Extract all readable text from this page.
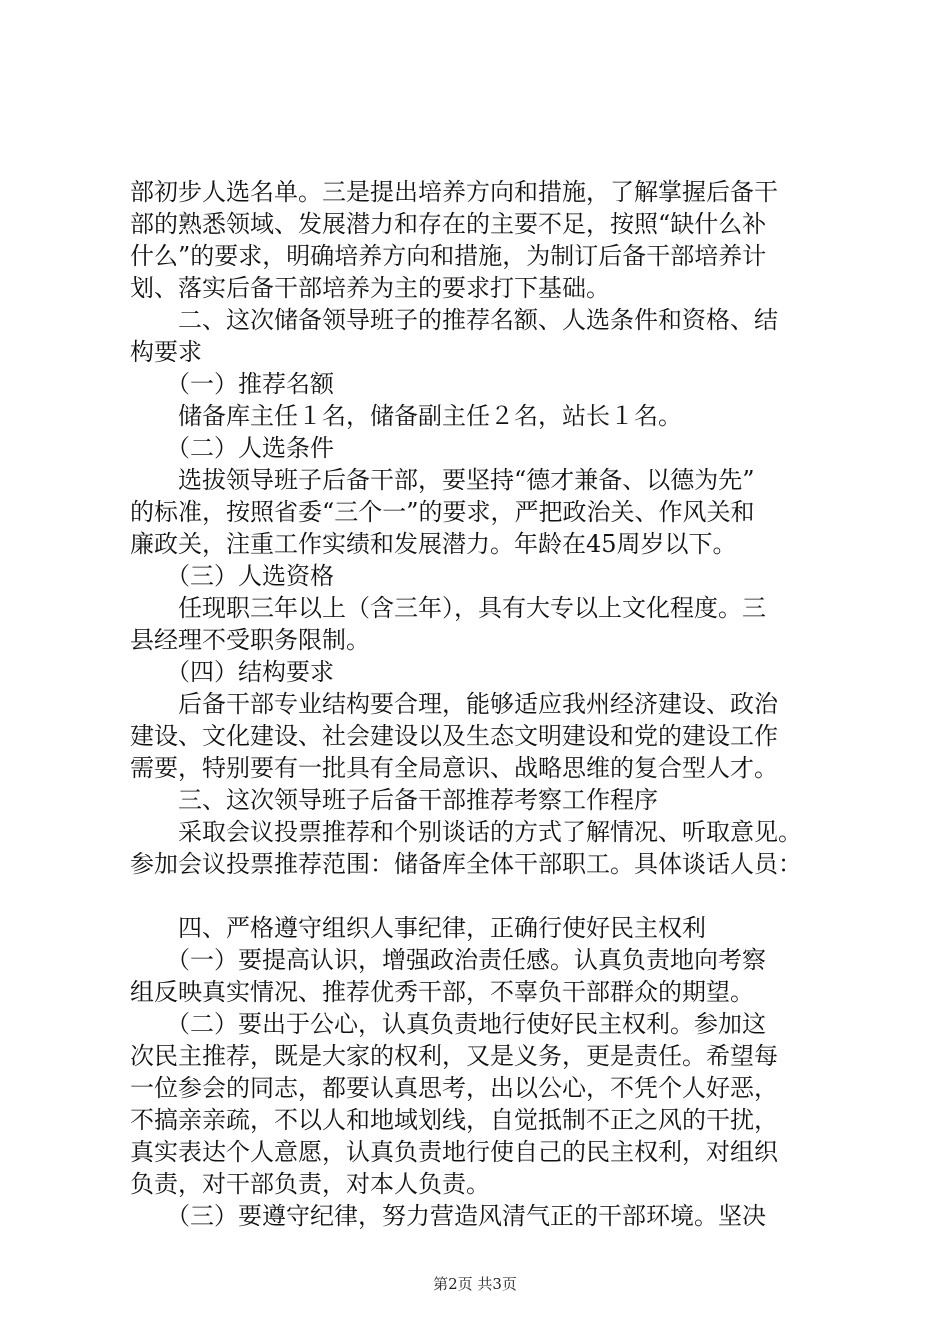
部初步人选名单。三是提出培养方向和措施，了解掌握后备干
部的熟悉领域、发展潜力和存在的主要不足，按照“缺什么补
什么”的要求，明确培养方向和措施，为制订后备干部培养计
划、落实后备干部培养为主的要求打下基础。
　　二、这次储备领导班子的推荐名额、人选条件和资格、结
构要求
　　（一）推荐名额
　　储备库主任１名，储备副主任２名，站长１名。
　　（二）人选条件
　　选拔领导班子后备干部，要坚持“德才兼备、以德为先”
的标准，按照省委“三个一”的要求，严把政治关、作风关和
廉政关，注重工作实绩和发展潜力。年龄在45周岁以下。
　　（三）人选资格
　　任现职三年以上（含三年），具有大专以上文化程度。三
县经理不受职务限制。
　　（四）结构要求
　　后备干部专业结构要合理，能够适应我州经济建设、政治
建设、文化建设、社会建设以及生态文明建设和党的建设工作
需要，特别要有一批具有全局意识、战略思维的复合型人才。
　　三、这次领导班子后备干部推荐考察工作程序
　　采取会议投票推荐和个别谈话的方式了解情况、听取意见。
参加会议投票推荐范围：储备库全体干部职工。具体谈话人员：
　　四、严格遵守组织人事纪律，正确行使好民主权利
　　（一）要提高认识，增强政治责任感。认真负责地向考察
组反映真实情况、推荐优秀干部，不辜负干部群众的期望。
　　（二）要出于公心，认真负责地行使好民主权利。参加这
次民主推荐，既是大家的权利，又是义务，更是责任。希望每
一位参会的同志，都要认真思考，出以公心，不凭个人好恶，
不搞亲亲疏，不以人和地域划线，自觉抵制不正之风的干扰，
真实表达个人意愿，认真负责地行使自己的民主权利，对组织
负责，对干部负责，对本人负责。
　　（三）要遵守纪律，努力营造风清气正的干部环境。坚决
第2页 共3页
